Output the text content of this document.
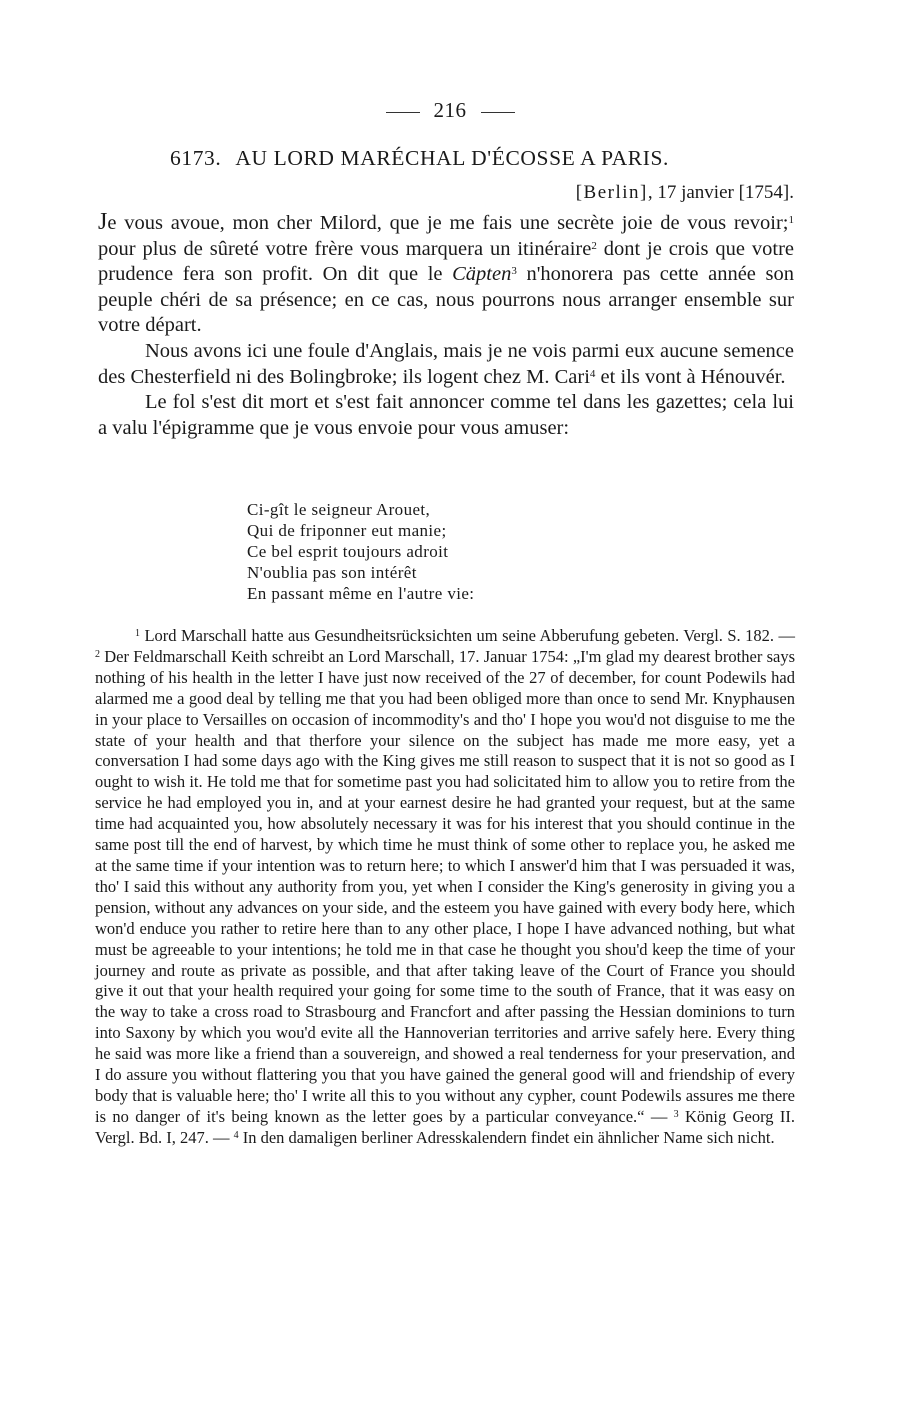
216
6173. AU LORD MARÉCHAL D'ÉCOSSE A PARIS.
[Berlin], 17 janvier [1754].

Je vous avoue, mon cher Milord, que je me fais une secrète joie de vous revoir;$^1$ pour plus de sûreté votre frère vous marquera un itinéraire$^2$ dont je crois que votre prudence fera son profit. On dit que le Cäpten$^3$ n'honorera pas cette année son peuple chéri de sa présence; en ce cas, nous pourrons nous arranger ensemble sur votre départ.

Nous avons ici une foule d'Anglais, mais je ne vois parmi eux aucune semence des Chesterfield ni des Bolingbroke; ils logent chez M. Cari$^4$ et ils vont à Hénouvér.

Le fol s'est dit mort et s'est fait annoncer comme tel dans les gazettes; cela lui a valu l'épigramme que je vous envoie pour vous amuser:

Ci-gît le seigneur Arouet,
Qui de friponner eut manie;
Ce bel esprit toujours adroit
N'oublia pas son intérêt
En passant même en l'autre vie:

$^1$ Lord Marschall hatte aus Gesundheitsrücksichten um seine Abberufung gebeten. Vergl. S. 182. — $^2$ Der Feldmarschall Keith schreibt an Lord Marschall, 17. Januar 1754: „I'm glad my dearest brother says nothing of his health in the letter I have just now received of the 27 of december, for count Podewils had alarmed me a good deal by telling me that you had been obliged more than once to send Mr. Knyphausen in your place to Versailles on occasion of incommodity's and tho' I hope you wou'd not disguise to me the state of your health and that therfore your silence on the subject has made me more easy, yet a conversation I had some days ago with the King gives me still reason to suspect that it is not so good as I ought to wish it. He told me that for sometime past you had solicitated him to allow you to retire from the service he had employed you in, and at your earnest desire he had granted your request, but at the same time had acquainted you, how absolutely necessary it was for his interest that you should continue in the same post till the end of harvest, by which time he must think of some other to replace you, he asked me at the same time if your intention was to return here; to which I answer'd him that I was persuaded it was, tho' I said this without any authority from you, yet when I consider the King's generosity in giving you a pension, without any advances on your side, and the esteem you have gained with every body here, which won'd enduce you rather to retire here than to any other place, I hope I have advanced nothing, but what must be agreeable to your intentions; he told me in that case he thought you shou'd keep the time of your journey and route as private as possible, and that after taking leave of the Court of France you should give it out that your health required your going for some time to the south of France, that it was easy on the way to take a cross road to Strasbourg and Francfort and after passing the Hessian dominions to turn into Saxony by which you wou'd evite all the Hannoverian territories and arrive safely here. Every thing he said was more like a friend than a souvereign, and showed a real tenderness for your preservation, and I do assure you without flattering you that you have gained the general good will and friendship of every body that is valuable here; tho' I write all this to you without any cypher, count Podewils assures me there is no danger of it's being known as the letter goes by a particular conveyance.“ — $^3$ König Georg II. Vergl. Bd. I, 247. — $^4$ In den damaligen berliner Adresskalendern findet ein ähnlicher Name sich nicht.
